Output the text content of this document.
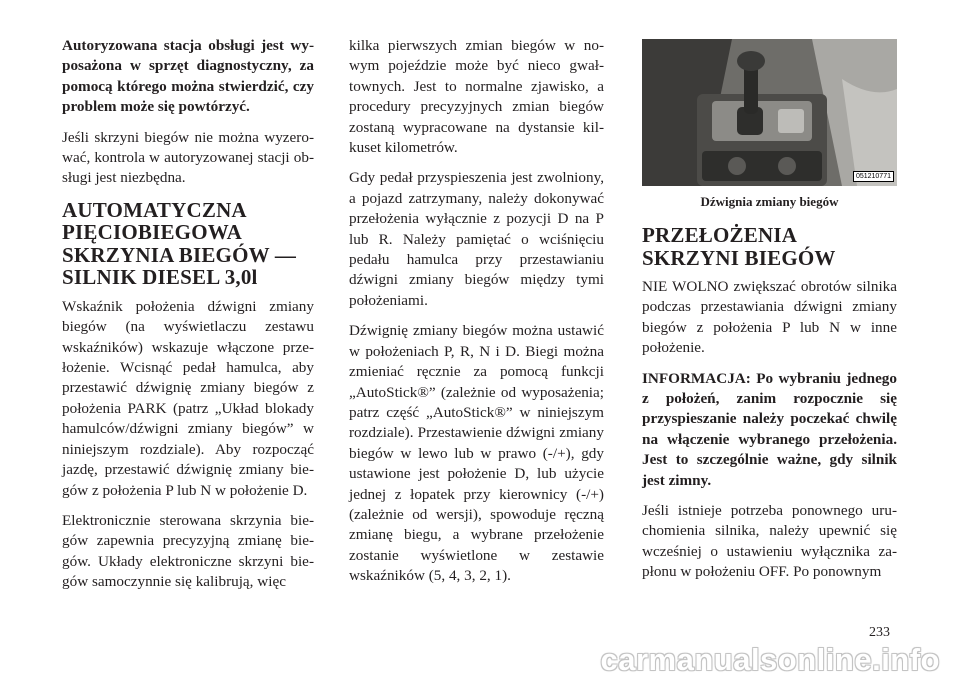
Autoryzowana stacja obsługi jest wyposażona w sprzęt diagnostyczny, za pomocą którego można stwierdzić, czy problem może się powtórzyć.

Jeśli skrzyni biegów nie można wyzerować, kontrola w autoryzowanej stacji obsługi jest niezbędna.

AUTOMATYCZNA PIĘCIOBIEGOWA SKRZYNIA BIEGÓW — SILNIK DIESEL 3,0l

Wskaźnik położenia dźwigni zmiany biegów (na wyświetlaczu zestawu wskaźników) wskazuje włączone przełożenie. Wcisnąć pedał hamulca, aby przestawić dźwignię zmiany biegów z położenia PARK (patrz „Układ blokady hamulców/dźwigni zmiany biegów” w niniejszym rozdziale). Aby rozpocząć jazdę, przestawić dźwignię zmiany biegów z położenia P lub N w położenie D.

Elektronicznie sterowana skrzynia biegów zapewnia precyzyjną zmianę biegów. Układy elektroniczne skrzyni biegów samoczynnie się kalibrują, więc

kilka pierwszych zmian biegów w nowym pojeździe może być nieco gwałtownych. Jest to normalne zjawisko, a procedury precyzyjnych zmian biegów zostaną wypracowane na dystansie kilkuset kilometrów.

Gdy pedał przyspieszenia jest zwolniony, a pojazd zatrzymany, należy dokonywać przełożenia wyłącznie z pozycji D na P lub R. Należy pamiętać o wciśnięciu pedału hamulca przy przestawianiu dźwigni zmiany biegów między tymi położeniami.

Dźwignię zmiany biegów można ustawić w położeniach P, R, N i D. Biegi można zmieniać ręcznie za pomocą funkcji „AutoStick®” (zależnie od wyposażenia; patrz część „AutoStick®” w niniejszym rozdziale). Przestawienie dźwigni zmiany biegów w lewo lub w prawo (-/+), gdy ustawione jest położenie D, lub użycie jednej z łopatek przy kierownicy (-/+) (zależnie od wersji), spowoduje ręczną zmianę biegu, a wybrane przełożenie zostanie wyświetlone w zestawie wskaźników (5, 4, 3, 2, 1).

051210771
Dźwignia zmiany biegów
PRZEŁOŻENIA SKRZYNI BIEGÓW

NIE WOLNO zwiększać obrotów silnika podczas przestawiania dźwigni zmiany biegów z położenia P lub N w inne położenie.

INFORMACJA: Po wybraniu jednego z położeń, zanim rozpocznie się przyspieszanie należy poczekać chwilę na włączenie wybranego przełożenia. Jest to szczególnie ważne, gdy silnik jest zimny.

Jeśli istnieje potrzeba ponownego uruchomienia silnika, należy upewnić się wcześniej o ustawieniu wyłącznika zapłonu w położeniu OFF. Po ponownym

233
carmanualsonline.info
